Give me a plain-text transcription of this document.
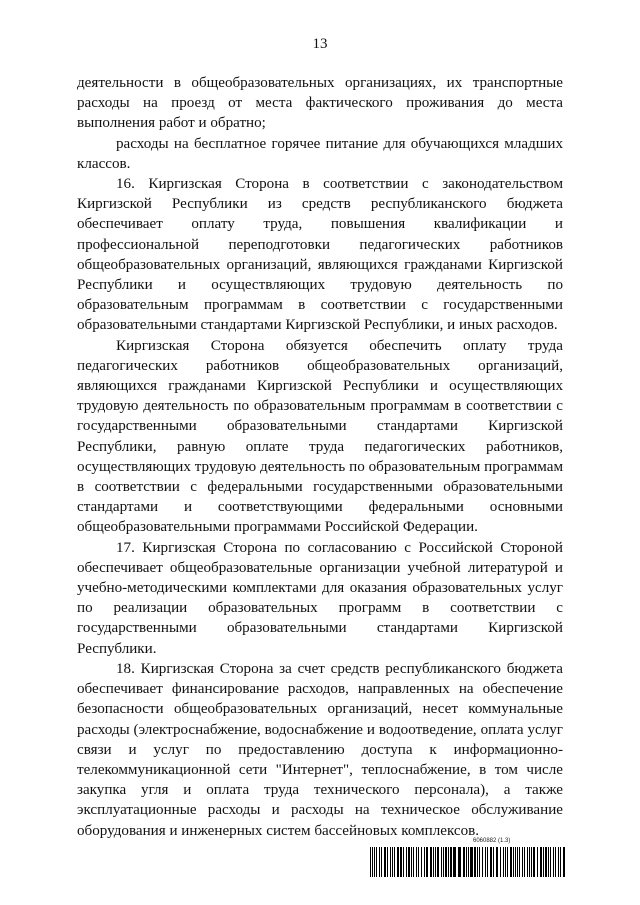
13

деятельности в общеобразовательных организациях, их транспортные расходы на проезд от места фактического проживания до места выполнения работ и обратно;

расходы на бесплатное горячее питание для обучающихся младших классов.

16. Киргизская Сторона в соответствии с законодательством Киргизской Республики из средств республиканского бюджета обеспечивает оплату труда, повышения квалификации и профессиональной переподготовки педагогических работников общеобразовательных организаций, являющихся гражданами Киргизской Республики и осуществляющих трудовую деятельность по образовательным программам в соответствии с государственными образовательными стандартами Киргизской Республики, и иных расходов.

Киргизская Сторона обязуется обеспечить оплату труда педагогических работников общеобразовательных организаций, являющихся гражданами Киргизской Республики и осуществляющих трудовую деятельность по образовательным программам в соответствии с государственными образовательными стандартами Киргизской Республики, равную оплате труда педагогических работников, осуществляющих трудовую деятельность по образовательным программам в соответствии с федеральными государственными образовательными стандартами и соответствующими федеральными основными общеобразовательными программами Российской Федерации.

17. Киргизская Сторона по согласованию с Российской Стороной обеспечивает общеобразовательные организации учебной литературой и учебно-методическими комплектами для оказания образовательных услуг по реализации образовательных программ в соответствии с государственными образовательными стандартами Киргизской Республики.

18. Киргизская Сторона за счет средств республиканского бюджета обеспечивает финансирование расходов, направленных на обеспечение безопасности общеобразовательных организаций, несет коммунальные расходы (электроснабжение, водоснабжение и водоотведение, оплата услуг связи и услуг по предоставлению доступа к информационно-телекоммуникационной сети "Интернет", теплоснабжение, в том числе закупка угля и оплата труда технического персонала), а также эксплуатационные расходы и расходы на техническое обслуживание оборудования и инженерных систем бассейновых комплексов.

6060882 (1.3)
